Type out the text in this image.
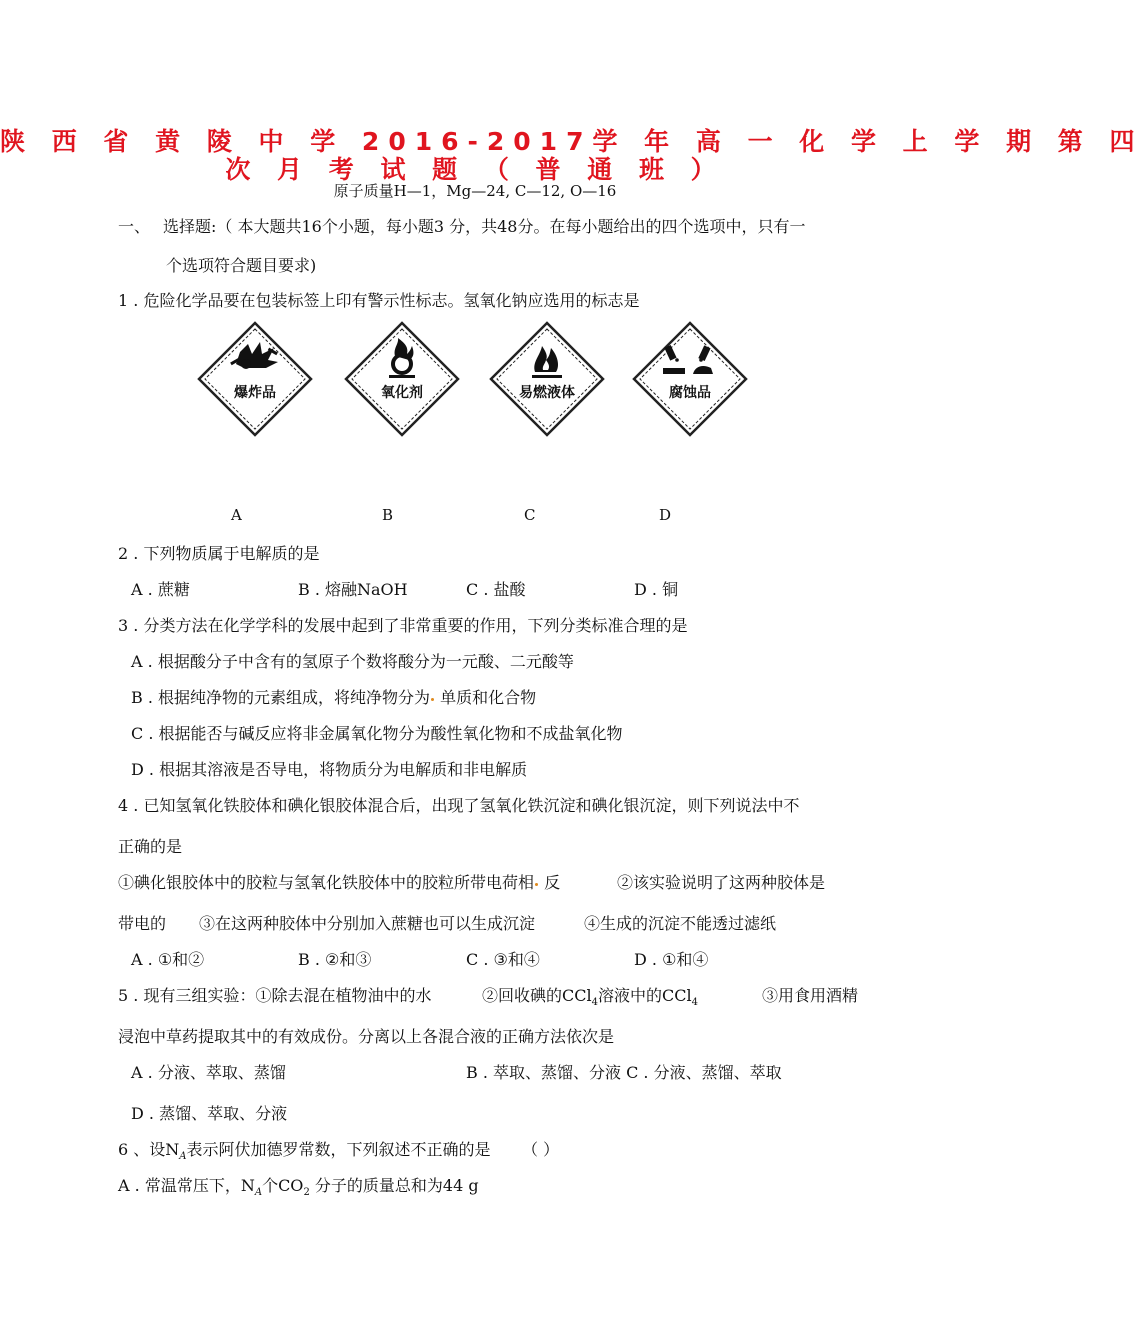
陕 西 省 黄 陵 中 学 2016-2017学 年 高 一 化 学 上 学 期 第 四
次 月 考 试 题 （ 普 通 班 ）
原子质量H—1，Mg—24, C—12, O—16
一、 选择题:（ 本大题共16个小题，每小题3 分，共48分。在每小题给出的四个选项中，只有一
个选项符合题目要求)
1 . 危险化学品要在包装标签上印有警示性标志。氢氧化钠应选用的标志是
爆炸品	氧化剂	易燃液体	腐蚀品
A	B	C	D
2 . 下列物质属于电解质的是
A . 蔗糖	B . 熔融NaOH	C . 盐酸	D . 铜
3 . 分类方法在化学学科的发展中起到了非常重要的作用，下列分类标准合理的是
A . 根据酸分子中含有的氢原子个数将酸分为一元酸、二元酸等
B . 根据纯净物的元素组成，将纯净物分为 单质和化合物
C . 根据能否与碱反应将非金属氧化物分为酸性氧化物和不成盐氧化物
D . 根据其溶液是否导电，将物质分为电解质和非电解质
4 . 已知氢氧化铁胶体和碘化银胶体混合后，出现了氢氧化铁沉淀和碘化银沉淀，则下列说法中不
正确的是
①碘化银胶体中的胶粒与氢氧化铁胶体中的胶粒所带电荷相 反	②该实验说明了这两种胶体是
带电的 ③在这两种胶体中分别加入蔗糖也可以生成沉淀	④生成的沉淀不能透过滤纸
A . ①和②	B . ②和③	C . ③和④	D . ①和④
5 . 现有三组实验：①除去混在植物油中的水	②回收碘的CCl$_4$溶液中的CCl$_4$	③用食用酒精
浸泡中草药提取其中的有效成份。分离以上各混合液的正确方法依次是
A . 分液、萃取、蒸馏	B . 萃取、蒸馏、分液 C . 分液、蒸馏、萃取
D . 蒸馏、萃取、分液
6 、设$N_A$表示阿伏加德罗常数，下列叙述不正确的是 （ ）
A . 常温常压下，$N_A$个$CO_2$ 分子的质量总和为44 g
